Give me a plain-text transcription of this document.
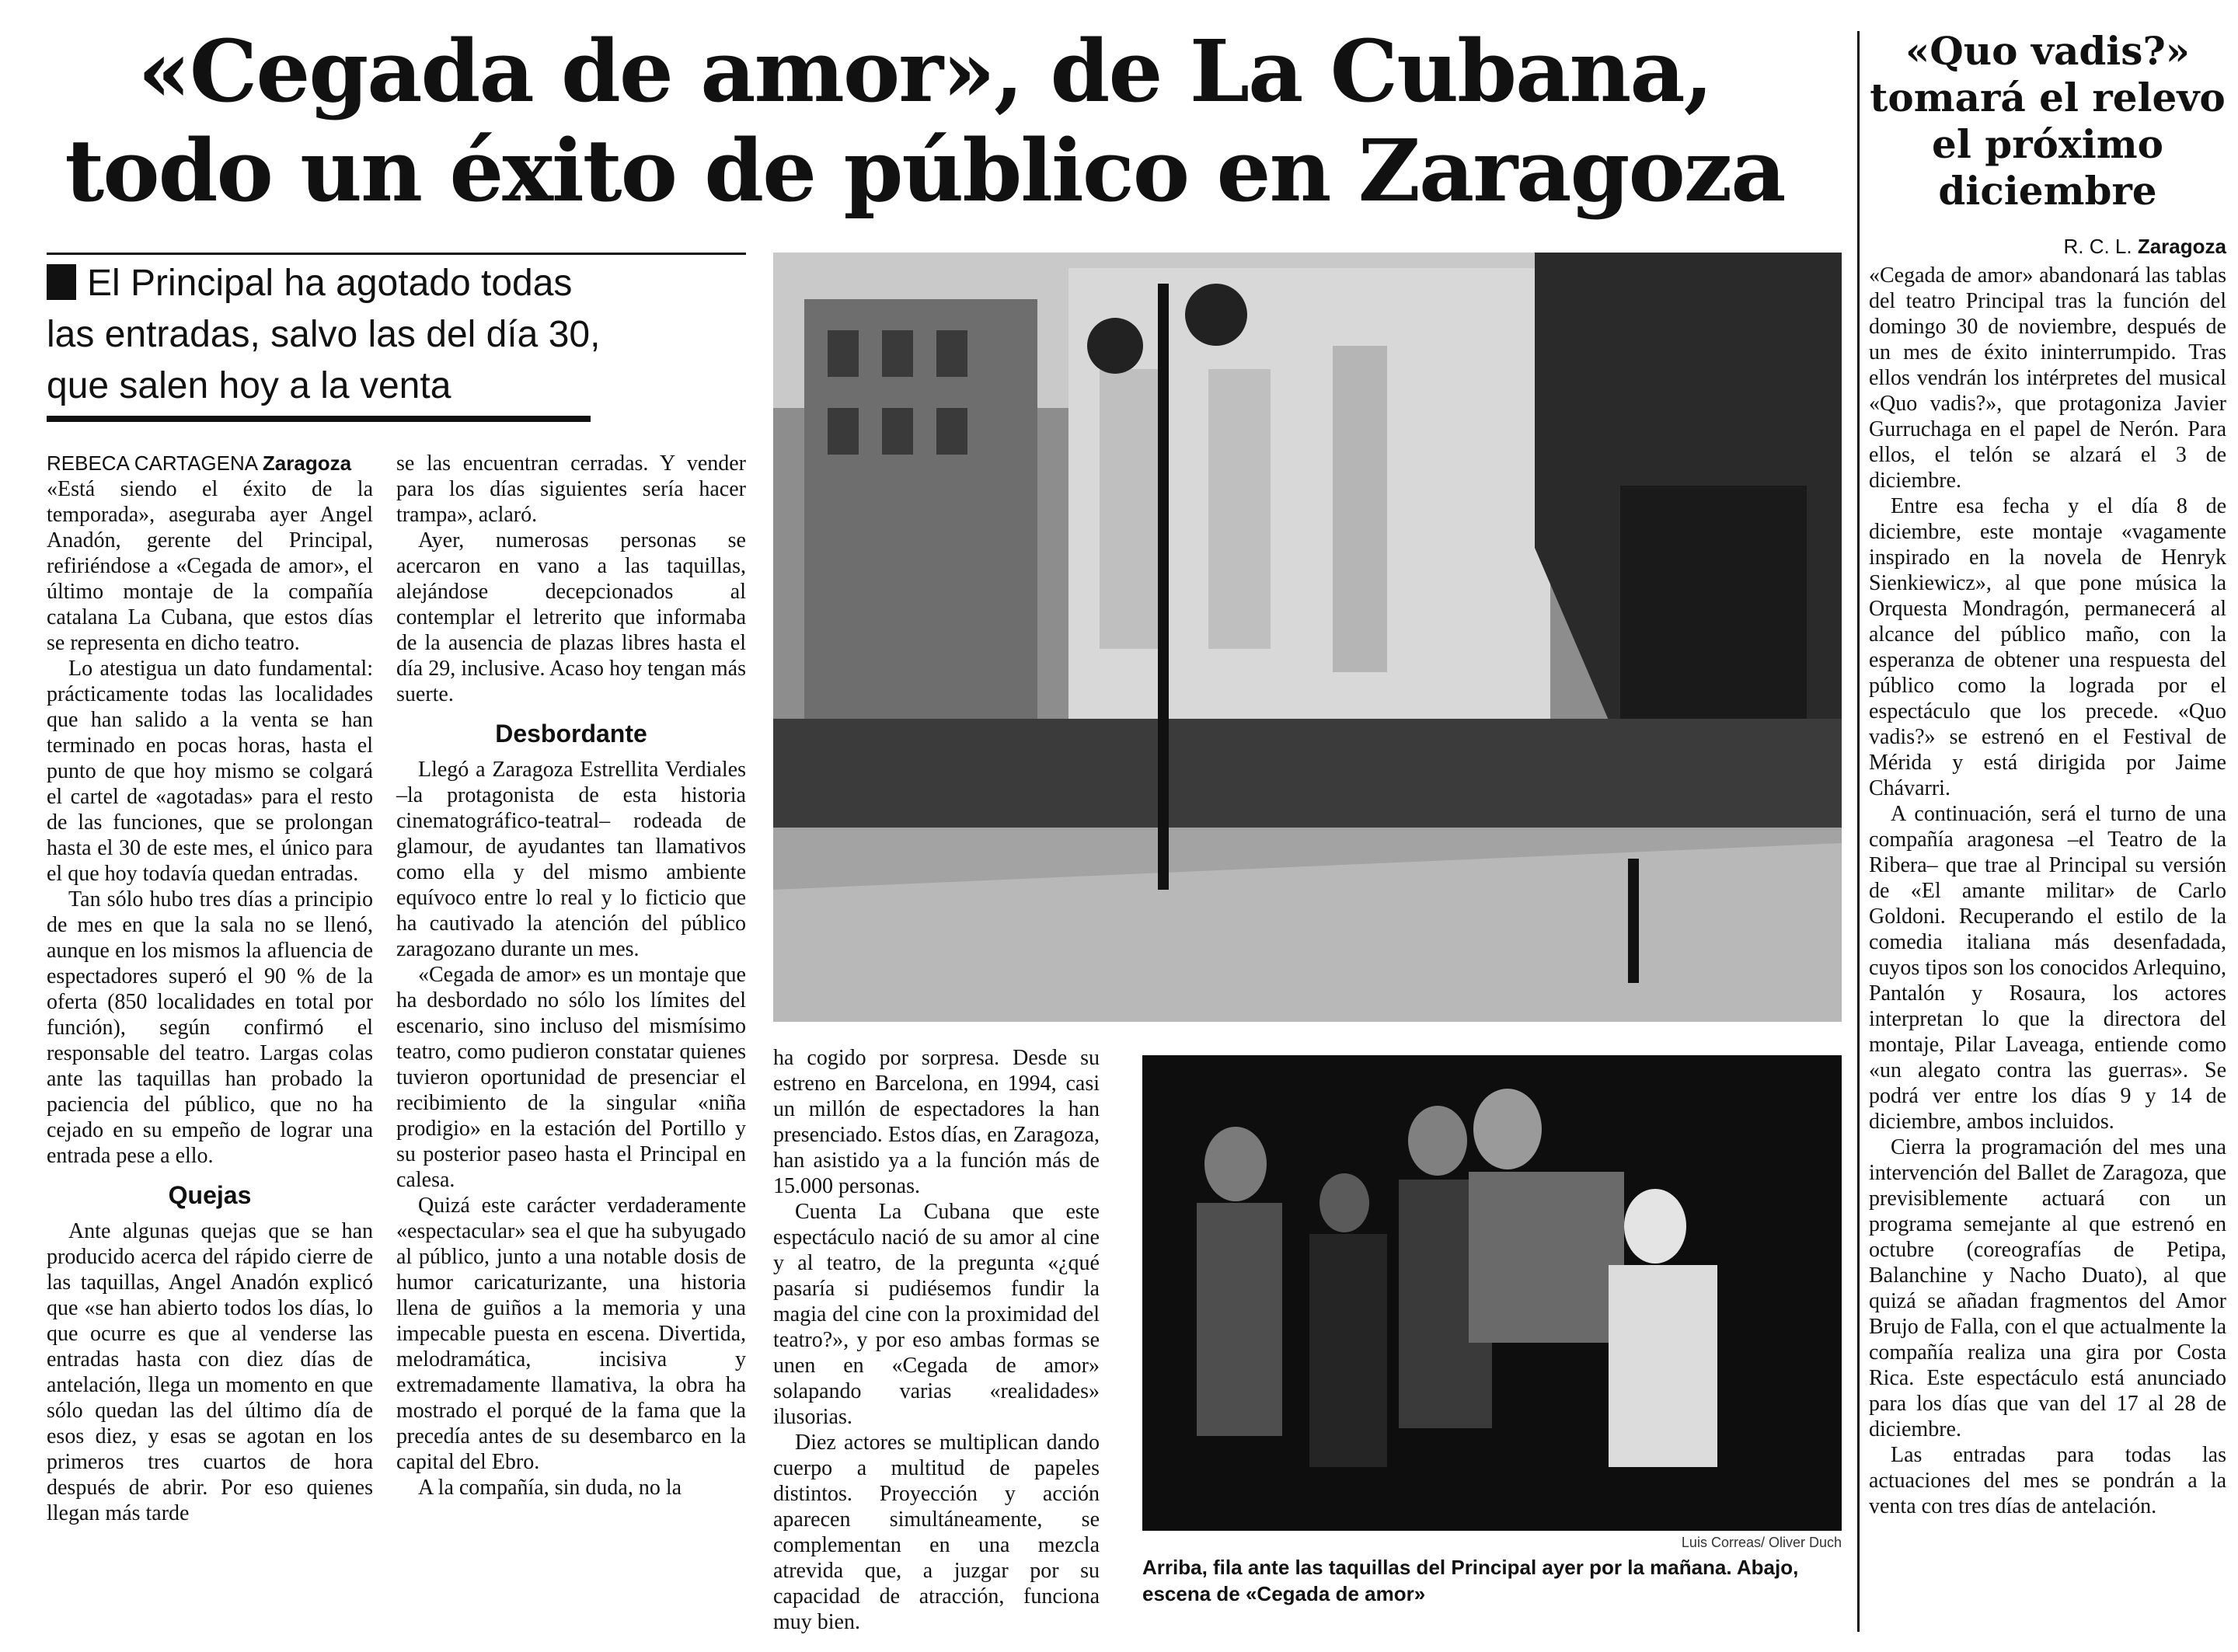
«Cegada de amor», de La Cubana,
todo un éxito de público en Zaragoza
El Principal ha agotado todas
las entradas, salvo las del día 30,
que salen hoy a la venta

REBECA CARTAGENA Zaragoza

«Está siendo el éxito de la temporada», aseguraba ayer Angel Anadón, gerente del Principal, refiriéndose a «Cegada de amor», el último montaje de la compañía catalana La Cubana, que estos días se representa en dicho teatro.

Lo atestigua un dato fundamental: prácticamente todas las localidades que han salido a la venta se han terminado en pocas horas, hasta el punto de que hoy mismo se colgará el cartel de «agotadas» para el resto de las funciones, que se prolongan hasta el 30 de este mes, el único para el que hoy todavía quedan entradas.

Tan sólo hubo tres días a principio de mes en que la sala no se llenó, aunque en los mismos la afluencia de espectadores superó el 90 % de la oferta (850 localidades en total por función), según confirmó el responsable del teatro. Largas colas ante las taquillas han probado la paciencia del público, que no ha cejado en su empeño de lograr una entrada pese a ello.

Quejas

Ante algunas quejas que se han producido acerca del rápido cierre de las taquillas, Angel Anadón explicó que «se han abierto todos los días, lo que ocurre es que al venderse las entradas hasta con diez días de antelación, llega un momento en que sólo quedan las del último día de esos diez, y esas se agotan en los primeros tres cuartos de hora después de abrir. Por eso quienes llegan más tarde

se las encuentran cerradas. Y vender para los días siguientes sería hacer trampa», aclaró.

Ayer, numerosas personas se acercaron en vano a las taquillas, alejándose decepcionados al contemplar el letrerito que informaba de la ausencia de plazas libres hasta el día 29, inclusive. Acaso hoy tengan más suerte.

Desbordante

Llegó a Zaragoza Estrellita Verdiales –la protagonista de esta historia cinematográfico-teatral– rodeada de glamour, de ayudantes tan llamativos como ella y del mismo ambiente equívoco entre lo real y lo ficticio que ha cautivado la atención del público zaragozano durante un mes.

«Cegada de amor» es un montaje que ha desbordado no sólo los límites del escenario, sino incluso del mismísimo teatro, como pudieron constatar quienes tuvieron oportunidad de presenciar el recibimiento de la singular «niña prodigio» en la estación del Portillo y su posterior paseo hasta el Principal en calesa.

Quizá este carácter verdaderamente «espectacular» sea el que ha subyugado al público, junto a una notable dosis de humor caricaturizante, una historia llena de guiños a la memoria y una impecable puesta en escena. Divertida, melodramática, incisiva y extremadamente llamativa, la obra ha mostrado el porqué de la fama que la precedía antes de su desembarco en la capital del Ebro.

A la compañía, sin duda, no la

ha cogido por sorpresa. Desde su estreno en Barcelona, en 1994, casi un millón de espectadores la han presenciado. Estos días, en Zaragoza, han asistido ya a la función más de 15.000 personas.

Cuenta La Cubana que este espectáculo nació de su amor al cine y al teatro, de la pregunta «¿qué pasaría si pudiésemos fundir la magia del cine con la proximidad del teatro?», y por eso ambas formas se unen en «Cegada de amor» solapando varias «realidades» ilusorias.

Diez actores se multiplican dando cuerpo a multitud de papeles distintos. Proyección y acción aparecen simultáneamente, se complementan en una mezcla atrevida que, a juzgar por su capacidad de atracción, funciona muy bien.

Luis Correas/ Oliver Duch
Arriba, fila ante las taquillas del Principal ayer por la mañana. Abajo, escena de «Cegada de amor»
«Quo vadis?»
tomará el relevo
el próximo
diciembre
R. C. L. Zaragoza

«Cegada de amor» abandonará las tablas del teatro Principal tras la función del domingo 30 de noviembre, después de un mes de éxito ininterrumpido. Tras ellos vendrán los intérpretes del musical «Quo vadis?», que protagoniza Javier Gurruchaga en el papel de Nerón. Para ellos, el telón se alzará el 3 de diciembre.

Entre esa fecha y el día 8 de diciembre, este montaje «vagamente inspirado en la novela de Henryk Sienkiewicz», al que pone música la Orquesta Mondragón, permanecerá al alcance del público maño, con la esperanza de obtener una respuesta del público como la lograda por el espectáculo que los precede. «Quo vadis?» se estrenó en el Festival de Mérida y está dirigida por Jaime Chávarri.

A continuación, será el turno de una compañía aragonesa –el Teatro de la Ribera– que trae al Principal su versión de «El amante militar» de Carlo Goldoni. Recuperando el estilo de la comedia italiana más desenfadada, cuyos tipos son los conocidos Arlequino, Pantalón y Rosaura, los actores interpretan lo que la directora del montaje, Pilar Laveaga, entiende como «un alegato contra las guerras». Se podrá ver entre los días 9 y 14 de diciembre, ambos incluidos.

Cierra la programación del mes una intervención del Ballet de Zaragoza, que previsiblemente actuará con un programa semejante al que estrenó en octubre (coreografías de Petipa, Balanchine y Nacho Duato), al que quizá se añadan fragmentos del Amor Brujo de Falla, con el que actualmente la compañía realiza una gira por Costa Rica. Este espectáculo está anunciado para los días que van del 17 al 28 de diciembre.

Las entradas para todas las actuaciones del mes se pondrán a la venta con tres días de antelación.
